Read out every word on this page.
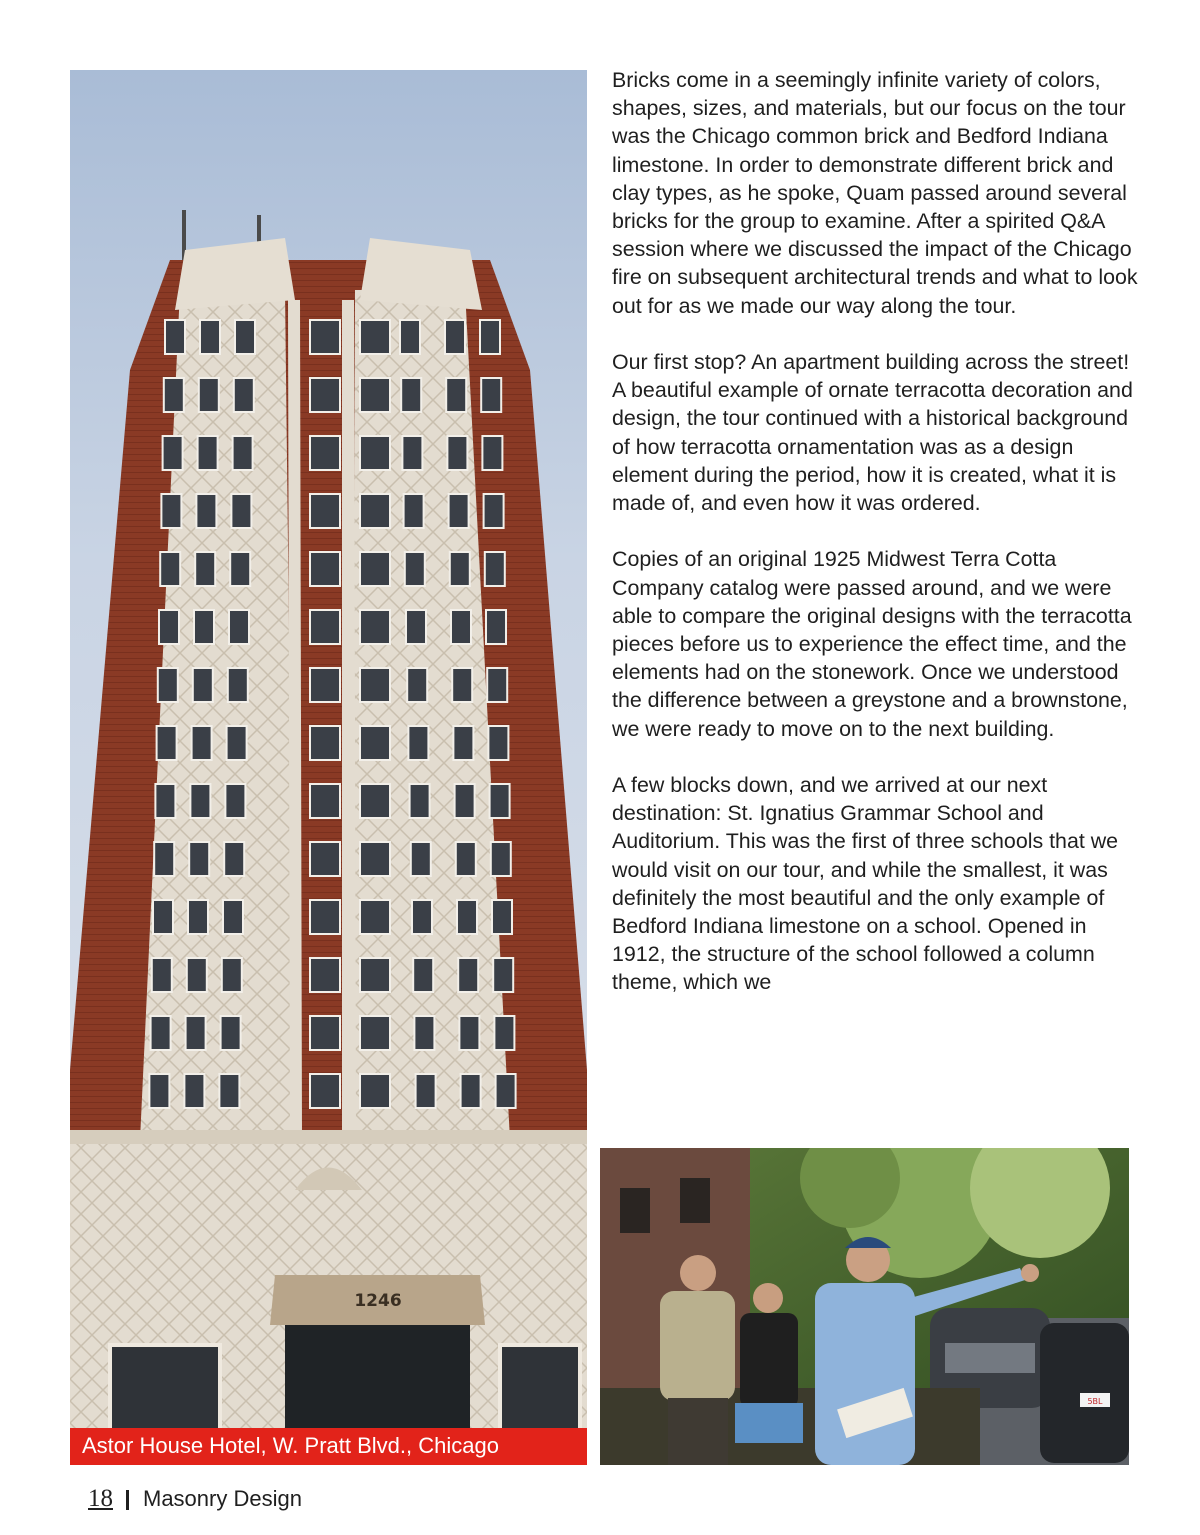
1246
Astor House Hotel, W. Pratt Blvd., Chicago

Bricks come in a seemingly infinite variety of colors, shapes, sizes, and materials, but our focus on the tour was the Chicago common brick and Bedford Indiana limestone. In order to demonstrate different brick and clay types, as he spoke, Quam passed around several bricks for the group to examine. After a spirited Q&A session where we discussed the impact of the Chicago fire on subsequent architectural trends and what to look out for as we made our way along the tour.

Our first stop? An apartment building across the street! A beautiful example of ornate terracotta decoration and design, the tour continued with a historical background of how terracotta ornamentation was as a design element during the period, how it is created, what it is made of, and even how it was ordered.

Copies of an original 1925 Midwest Terra Cotta Company catalog were passed around, and we were able to compare the original designs with the terracotta pieces before us to experience the effect time, and the elements had on the stonework. Once we understood the difference between a greystone and a brownstone, we were ready to move on to the next building.

A few blocks down, and we arrived at our next destination: St. Ignatius Grammar School and Auditorium. This was the first of three schools that we would visit on our tour, and while the smallest, it was definitely the most beautiful and the only example of Bedford Indiana limestone on a school. Opened in 1912, the structure of the school followed a column theme, which we

5BL
18 Masonry Design
